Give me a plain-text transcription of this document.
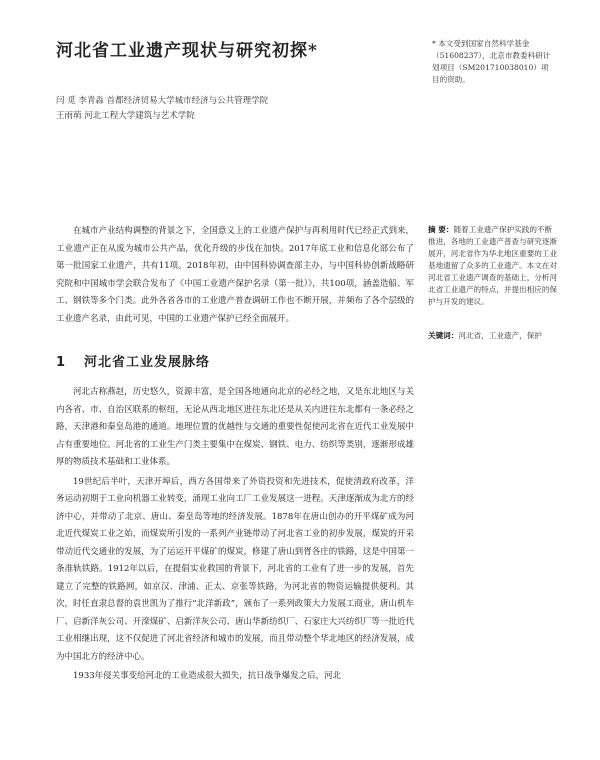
河北省工业遗产现状与研究初探*
闫 觅 李青淼 首都经济贸易大学城市经济与公共管理学院
王雨萌 河北工程大学建筑与艺术学院
* 本文受到国家自然科学基金（51608237），北京市教委科研计划项目（SM201710038010）项目的资助。
摘 要：随着工业遗产保护实践的不断推进，各地的工业遗产普查与研究逐渐展开，河北省作为华北地区重要的工业基地遗留了众多的工业遗产。本文在对河北省工业遗产调查的基础上，分析河北省工业遗产的特点，并提出相应的保护与开发的建议。
关键词：河北省，工业遗产，保护

在城市产业结构调整的背景之下，全国意义上的工业遗产保护与再利用时代已经正式到来，工业遗产正在从废为城市公共产品，优化升级的步伐在加快。2017年底工业和信息化部公布了第一批国家工业遗产，共有11项。2018年初，由中国科协调查部主办，与中国科协创新战略研究院和中国城市学会联合发布了《中国工业遗产保护名录（第一批）》，共100项，涵盖造船、军工、钢铁等多个门类。此外各省各市的工业遗产普查调研工作也不断开展，并频布了各个层级的工业遗产名录，由此可见，中国的工业遗产保护已经全面展开。

1 河北省工业发展脉络

河北古称燕赵，历史悠久，资源丰富，是全国各地通向北京的必经之地，又是东北地区与关内各省、市、自治区联系的枢纽，无论从西北地区进往东北还是从关内进往东北都有一条必经之路，天津港和秦皇岛港的通道。地理位置的优越性与交通的重要性促使河北省在近代工业发展中占有重要地位。河北省的工业生产门类主要集中在煤炭、钢铁、电力、纺织等类别，逐渐形成雄厚的物质技术基础和工业体系。

19世纪后半叶，天津开埠后，西方各国带来了外资投资和先进技术，促使清政府改革，洋务运动初期于工业向机器工业转变，涌现工业向工厂工业发展这一进程。天津逐渐成为北方的经济中心，并带动了北京、唐山、秦皇岛等地的经济发展。1878年在唐山创办的开平煤矿成为河北近代煤炭工业之始，而煤炭所引发的一系列产业链带动了河北省工业的初步发展，煤炭的开采带动近代交通业的发展，为了运运开平煤矿的煤炭，修建了唐山到胥各庄的铁路，这是中国第一条准轨铁路。1912年以后，在提倡实业救国的背景下，河北省的工业有了进一步的发展，首先建立了完整的铁路网，如京汉、津浦、正太、京张等铁路，为河北省的物资运输提供便利。其次，时任直隶总督的袁世凯为了推行“北洋新政”，颁布了一系列政策大力发展工商业，唐山机车厂、启新洋灰公司、开滦煤矿、启新洋灰公司、唐山华新纺织厂、石家庄大兴纺织厂等一批近代工业相继出现，这不仅促进了河北省经济和城市的发展，而且带动整个华北地区的经济发展，成为中国北方的经济中心。

1933年侵关事变给河北的工业造成很大损失，抗日战争爆发之后，河北
